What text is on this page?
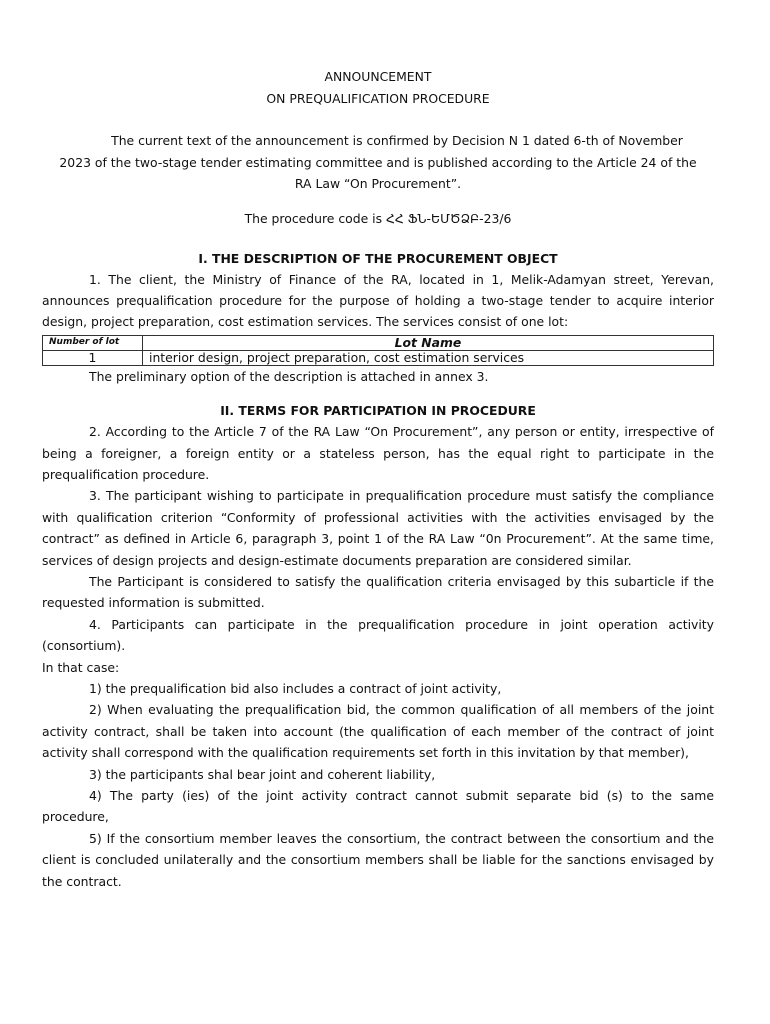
ANNOUNCEMENT
ON PREQUALIFICATION PROCEDURE
The current text of the announcement is confirmed by Decision N 1 dated 6-th of November
2023 of the two-stage tender estimating committee and is published according to the Article 24 of the
RA Law “On Procurement”.
The procedure code is ՀՀ ՖՆ-ԵՄԾՁԲ-23/6
I. THE DESCRIPTION OF THE PROCUREMENT OBJECT

1. The client, the Ministry of Finance of the RA, located in 1, Melik-Adamyan street, Yerevan, announces prequalification procedure for the purpose of holding a two-stage tender to acquire interior design, project preparation, cost estimation services. The services consist of one lot:

Number of lot	Lot Name
1	interior design, project preparation, cost estimation services

The preliminary option of the description is attached in annex 3.

II. TERMS FOR PARTICIPATION IN PROCEDURE

2. According to the Article 7 of the RA Law “On Procurement”, any person or entity, irrespective of being a foreigner, a foreign entity or a stateless person, has the equal right to participate in the prequalification procedure.

3. The participant wishing to participate in prequalification procedure must satisfy the compliance with qualification criterion “Conformity of professional activities with the activities envisaged by the contract” as defined in Article 6, paragraph 3, point 1 of the RA Law “0n Procurement”. At the same time, services of design projects and design-estimate documents preparation are considered similar.

The Participant is considered to satisfy the qualification criteria envisaged by this subarticle if the requested information is submitted.

4. Participants can participate in the prequalification procedure in joint operation activity (consortium).

In that case:

1) the prequalification bid also includes a contract of joint activity,

2) When evaluating the prequalification bid, the common qualification of all members of the joint activity contract, shall be taken into account (the qualification of each member of the contract of joint activity shall correspond with the qualification requirements set forth in this invitation by that member),

3) the participants shal bear joint and coherent liability,

4) The party (ies) of the joint activity contract cannot submit separate bid (s) to the same procedure,

5) If the consortium member leaves the consortium, the contract between the consortium and the client is concluded unilaterally and the consortium members shall be liable for the sanctions envisaged by the contract.
